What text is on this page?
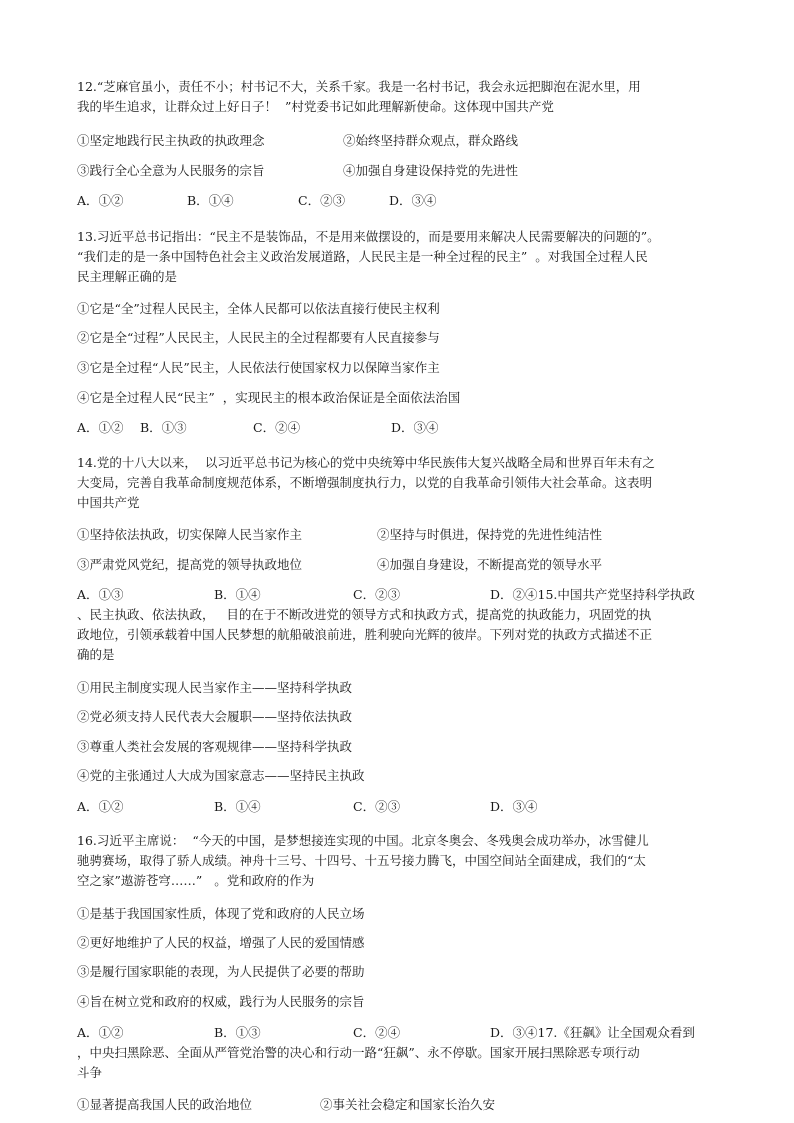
12.“芝麻官虽小，责任不小；村书记不大，关系千家。我是一名村书记，我会永远把脚泡在泥水里，用
我的毕生追求，让群众过上好日子！  ”村党委书记如此理解新使命。这体现中国共产党
①坚定地践行民主执政的执政理念	②始终坚持群众观点，群众路线
③践行全心全意为人民服务的宗旨	④加强自身建设保持党的先进性
A．①②	B．①④	C．②③	D．③④
13.习近平总书记指出：“民主不是装饰品，不是用来做摆设的，而是要用来解决人民需要解决的问题的”。
“我们走的是一条中国特色社会主义政治发展道路，人民民主是一种全过程的民主”  。对我国全过程人民
民主理解正确的是
①它是“全”过程人民民主，全体人民都可以依法直接行使民主权利
②它是全“过程”人民民主，人民民主的全过程都要有人民直接参与
③它是全过程“人民”民主，人民依法行使国家权力以保障当家作主
④它是全过程人民“民主”  ，实现民主的根本政治保证是全面依法治国
A．①② B．①③	C．②④	D．③④
14.党的十八大以来，  以习近平总书记为核心的党中央统筹中华民族伟大复兴战略全局和世界百年未有之
大变局，完善自我革命制度规范体系，不断增强制度执行力，以党的自我革命引领伟大社会革命。这表明
中国共产党
①坚持依法执政，切实保障人民当家作主	②坚持与时俱进，保持党的先进性纯洁性
③严肃党风党纪，提高党的领导执政地位	④加强自身建设，不断提高党的领导水平
A．①③	B．①④	C．②③	D．②④15.中国共产党坚持科学执政
、民主执政、依法执政，   目的在于不断改进党的领导方式和执政方式，提高党的执政能力，巩固党的执
政地位，引领承载着中国人民梦想的航船破浪前进，胜利驶向光辉的彼岸。下列对党的执政方式描述不正
确的是
①用民主制度实现人民当家作主——坚持科学执政
②党必须支持人民代表大会履职——坚持依法执政
③尊重人类社会发展的客观规律——坚持科学执政
④党的主张通过人大成为国家意志——坚持民主执政
A．①②	B．①④	C．②③	D．③④
16.习近平主席说：  “今天的中国，是梦想接连实现的中国。北京冬奥会、冬残奥会成功举办，冰雪健儿
驰骋赛场，取得了骄人成绩。神舟十三号、十四号、十五号接力腾飞，中国空间站全面建成，我们的“太
空之家”遨游苍穹……”   。党和政府的作为
①是基于我国国家性质，体现了党和政府的人民立场
②更好地维护了人民的权益，增强了人民的爱国情感
③是履行国家职能的表现，为人民提供了必要的帮助
④旨在树立党和政府的权威，践行为人民服务的宗旨
A．①②	B．①③	C．②④	D．③④17.《狂飙》让全国观众看到
，中央扫黑除恶、全面从严管党治警的决心和行动一路“狂飙”、永不停歇。国家开展扫黑除恶专项行动
斗争
①显著提高我国人民的政治地位	②事关社会稳定和国家长治久安
